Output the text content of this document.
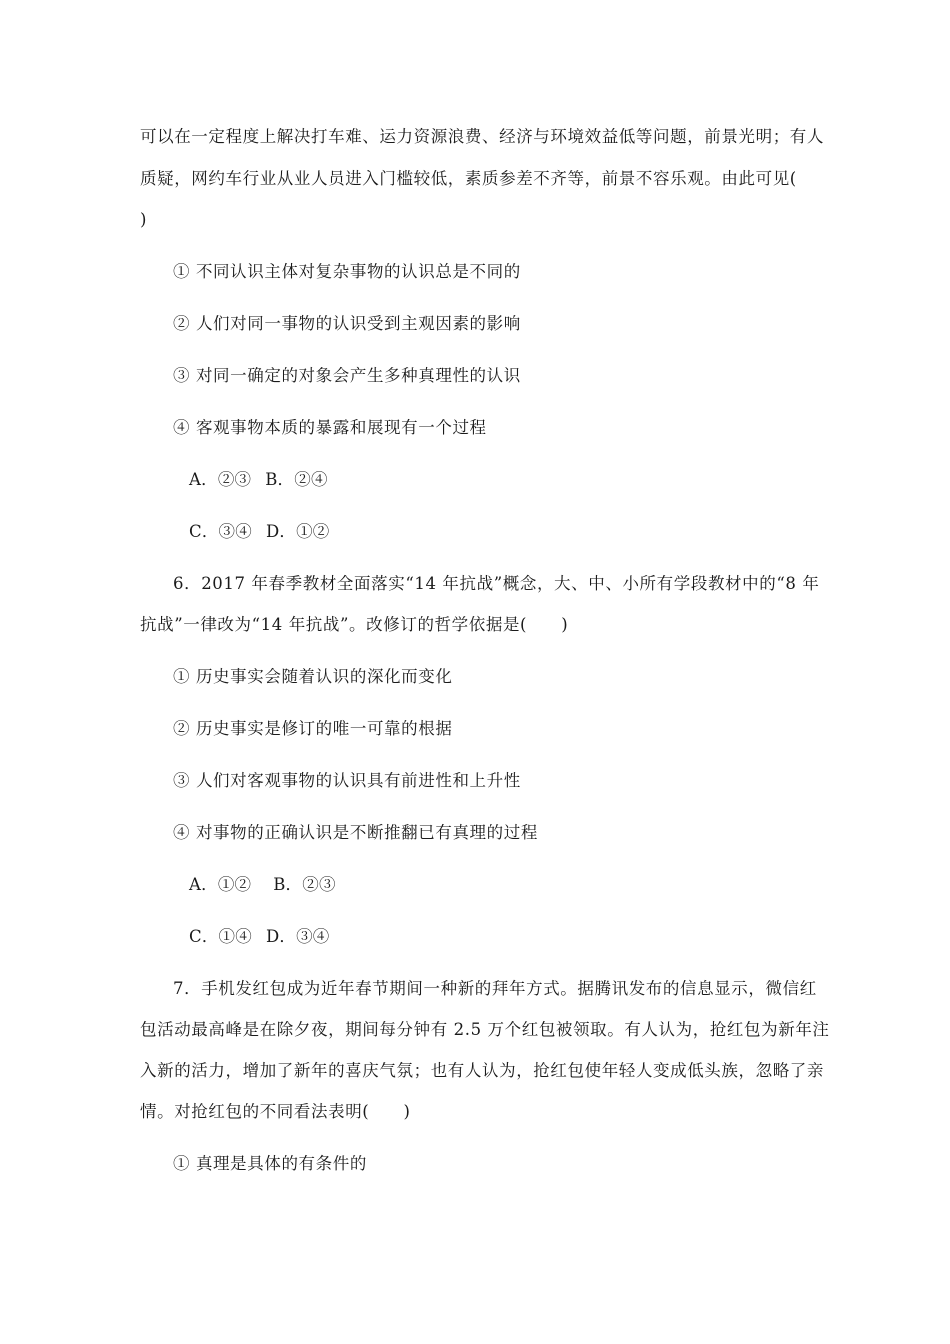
可以在一定程度上解决打车难、运力资源浪费、经济与环境效益低等问题，前景光明；有人
质疑，网约车行业从业人员进入门槛较低，素质参差不齐等，前景不容乐观。由此可见(
)
① 不同认识主体对复杂事物的认识总是不同的
② 人们对同一事物的认识受到主观因素的影响
③ 对同一确定的对象会产生多种真理性的认识
④ 客观事物本质的暴露和展现有一个过程
A．②③ B．②④
C．③④ D．①②
6．2017 年春季教材全面落实“14 年抗战”概念，大、中、小所有学段教材中的“8 年
抗战”一律改为“14 年抗战”。改修订的哲学依据是(　　)
① 历史事实会随着认识的深化而变化
② 历史事实是修订的唯一可靠的根据
③ 人们对客观事物的认识具有前进性和上升性
④ 对事物的正确认识是不断推翻已有真理的过程
A．①② B．②③
C．①④ D．③④
7．手机发红包成为近年春节期间一种新的拜年方式。据腾讯发布的信息显示，微信红
包活动最高峰是在除夕夜，期间每分钟有 2.5 万个红包被领取。有人认为，抢红包为新年注
入新的活力，增加了新年的喜庆气氛；也有人认为，抢红包使年轻人变成低头族，忽略了亲
情。对抢红包的不同看法表明(　　)
① 真理是具体的有条件的
